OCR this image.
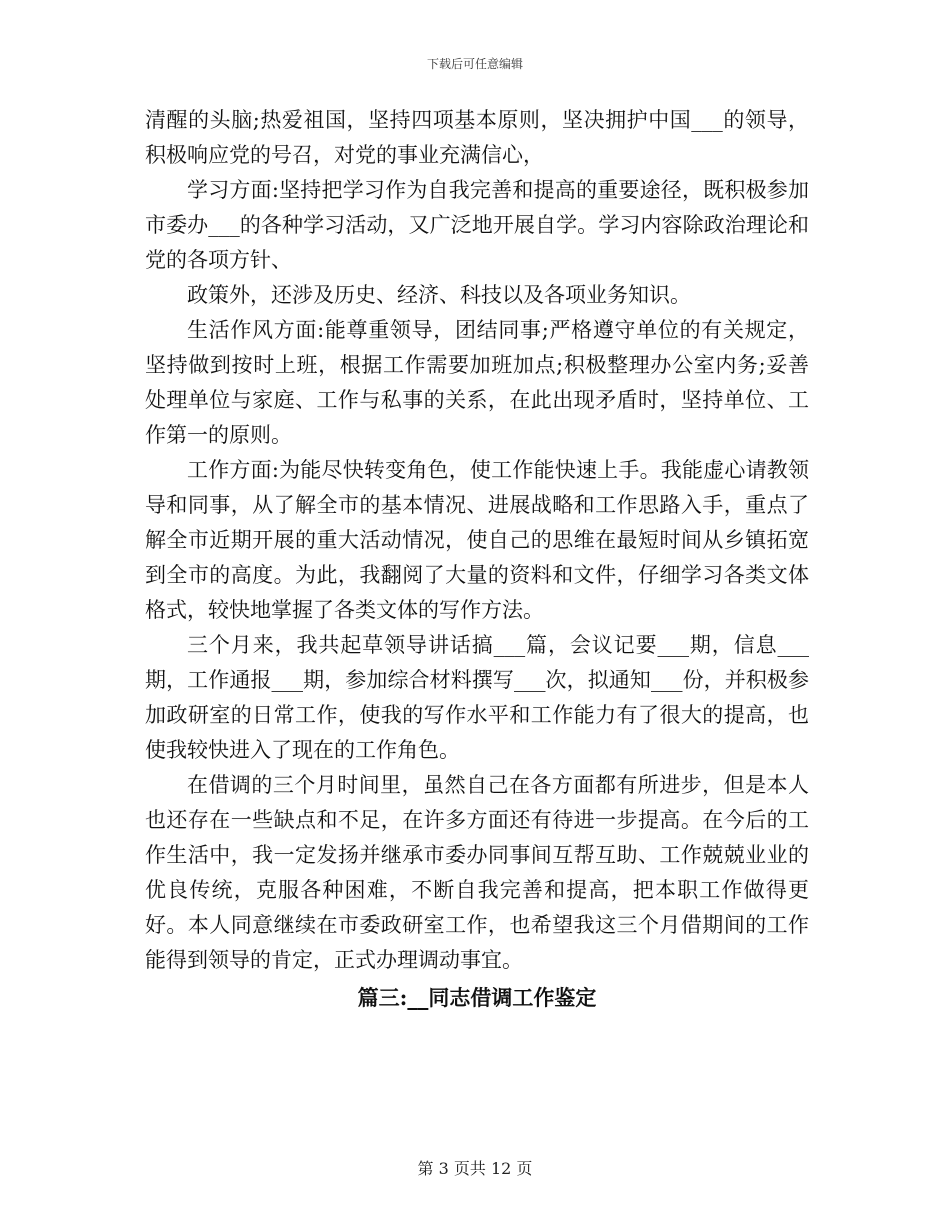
下载后可任意编辑

清醒的头脑;热爱祖国，坚持四项基本原则，坚决拥护中国___的领导，积极响应党的号召，对党的事业充满信心，

学习方面:坚持把学习作为自我完善和提高的重要途径，既积极参加市委办___的各种学习活动，又广泛地开展自学。学习内容除政治理论和党的各项方针、

政策外，还涉及历史、经济、科技以及各项业务知识。

生活作风方面:能尊重领导，团结同事;严格遵守单位的有关规定，坚持做到按时上班，根据工作需要加班加点;积极整理办公室内务;妥善处理单位与家庭、工作与私事的关系，在此出现矛盾时，坚持单位、工作第一的原则。

工作方面:为能尽快转变角色，使工作能快速上手。我能虚心请教领导和同事，从了解全市的基本情况、进展战略和工作思路入手，重点了解全市近期开展的重大活动情况，使自己的思维在最短时间从乡镇拓宽到全市的高度。为此，我翻阅了大量的资料和文件，仔细学习各类文体格式，较快地掌握了各类文体的写作方法。

三个月来，我共起草领导讲话搞___篇，会议记要___期，信息___期，工作通报___期，参加综合材料撰写___次，拟通知___份，并积极参加政研室的日常工作，使我的写作水平和工作能力有了很大的提高，也使我较快进入了现在的工作角色。

在借调的三个月时间里，虽然自己在各方面都有所进步，但是本人也还存在一些缺点和不足，在许多方面还有待进一步提高。在今后的工作生活中，我一定发扬并继承市委办同事间互帮互助、工作兢兢业业的优良传统，克服各种困难，不断自我完善和提高，把本职工作做得更好。本人同意继续在市委政研室工作，也希望我这三个月借期间的工作能得到领导的肯定，正式办理调动事宜。

篇三:__同志借调工作鉴定
第 3 页共 12 页
